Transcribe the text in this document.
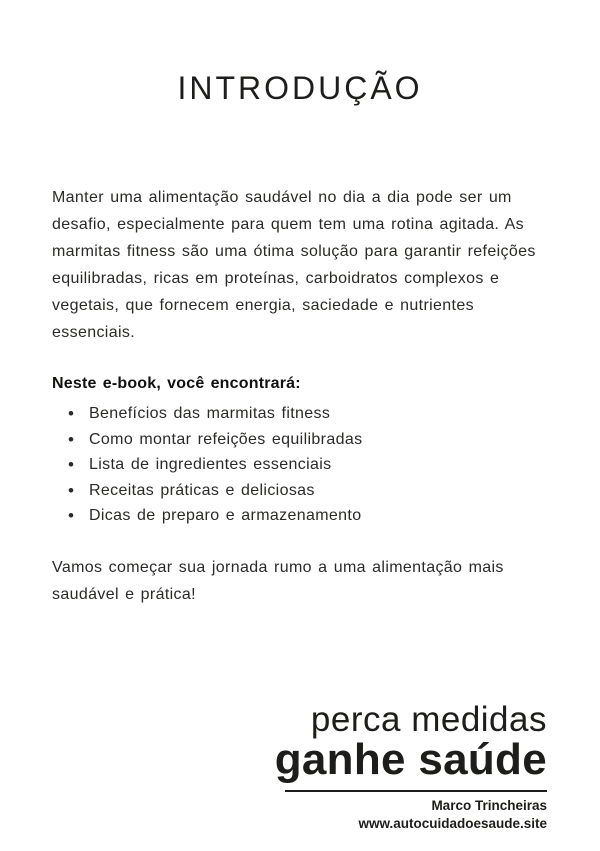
INTRODUÇÃO

Manter uma alimentação saudável no dia a dia pode ser um desafio, especialmente para quem tem uma rotina agitada. As marmitas fitness são uma ótima solução para garantir refeições equilibradas, ricas em proteínas, carboidratos complexos e vegetais, que fornecem energia, saciedade e nutrientes essenciais.

Neste e-book, você encontrará:

• Benefícios das marmitas fitness
• Como montar refeições equilibradas
• Lista de ingredientes essenciais
• Receitas práticas e deliciosas
• Dicas de preparo e armazenamento

Vamos começar sua jornada rumo a uma alimentação mais saudável e prática!

perca medidas
ganhe saúde
Marco Trincheiras
www.autocuidadoesaude.site
